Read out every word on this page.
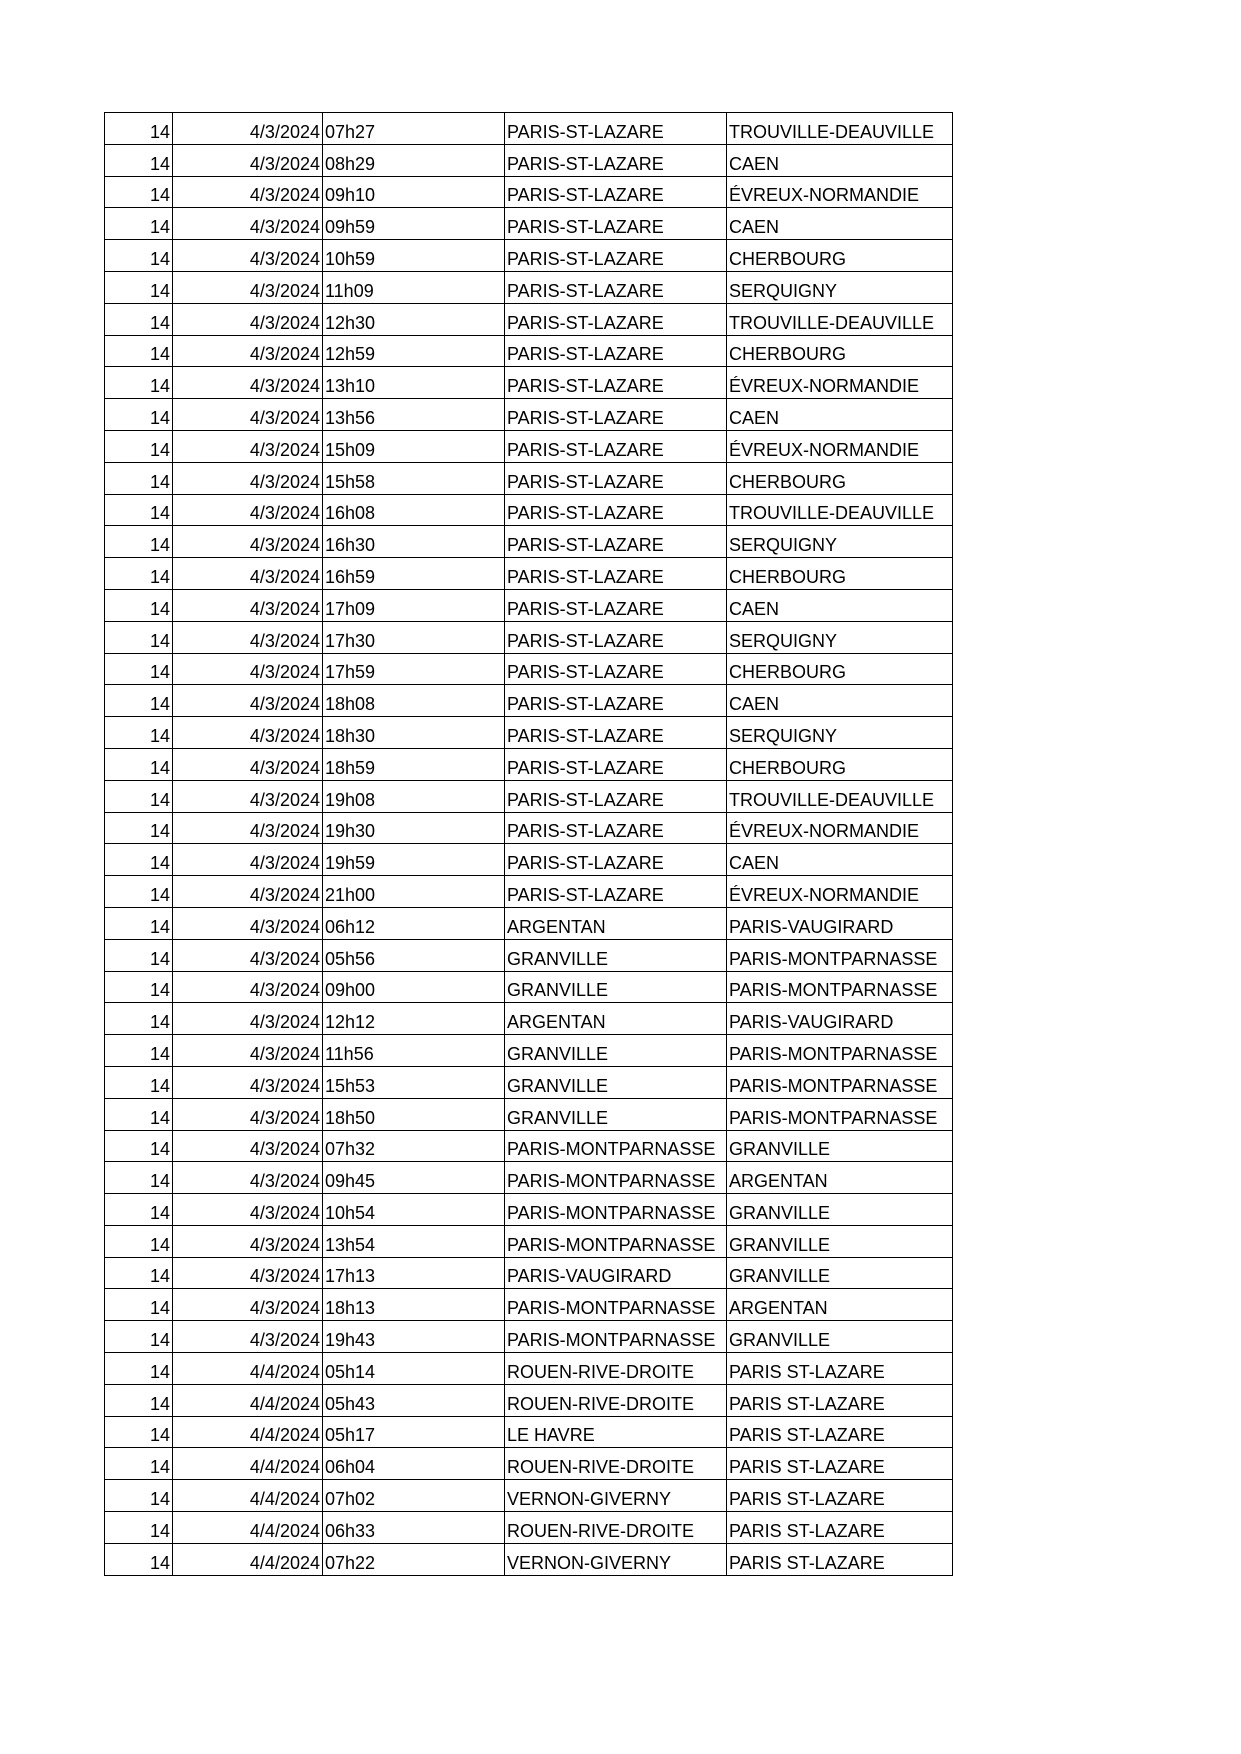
14	4/3/2024	07h27	PARIS-ST-LAZARE	TROUVILLE-DEAUVILLE
14	4/3/2024	08h29	PARIS-ST-LAZARE	CAEN
14	4/3/2024	09h10	PARIS-ST-LAZARE	ÉVREUX-NORMANDIE
14	4/3/2024	09h59	PARIS-ST-LAZARE	CAEN
14	4/3/2024	10h59	PARIS-ST-LAZARE	CHERBOURG
14	4/3/2024	11h09	PARIS-ST-LAZARE	SERQUIGNY
14	4/3/2024	12h30	PARIS-ST-LAZARE	TROUVILLE-DEAUVILLE
14	4/3/2024	12h59	PARIS-ST-LAZARE	CHERBOURG
14	4/3/2024	13h10	PARIS-ST-LAZARE	ÉVREUX-NORMANDIE
14	4/3/2024	13h56	PARIS-ST-LAZARE	CAEN
14	4/3/2024	15h09	PARIS-ST-LAZARE	ÉVREUX-NORMANDIE
14	4/3/2024	15h58	PARIS-ST-LAZARE	CHERBOURG
14	4/3/2024	16h08	PARIS-ST-LAZARE	TROUVILLE-DEAUVILLE
14	4/3/2024	16h30	PARIS-ST-LAZARE	SERQUIGNY
14	4/3/2024	16h59	PARIS-ST-LAZARE	CHERBOURG
14	4/3/2024	17h09	PARIS-ST-LAZARE	CAEN
14	4/3/2024	17h30	PARIS-ST-LAZARE	SERQUIGNY
14	4/3/2024	17h59	PARIS-ST-LAZARE	CHERBOURG
14	4/3/2024	18h08	PARIS-ST-LAZARE	CAEN
14	4/3/2024	18h30	PARIS-ST-LAZARE	SERQUIGNY
14	4/3/2024	18h59	PARIS-ST-LAZARE	CHERBOURG
14	4/3/2024	19h08	PARIS-ST-LAZARE	TROUVILLE-DEAUVILLE
14	4/3/2024	19h30	PARIS-ST-LAZARE	ÉVREUX-NORMANDIE
14	4/3/2024	19h59	PARIS-ST-LAZARE	CAEN
14	4/3/2024	21h00	PARIS-ST-LAZARE	ÉVREUX-NORMANDIE
14	4/3/2024	06h12	ARGENTAN	PARIS-VAUGIRARD
14	4/3/2024	05h56	GRANVILLE	PARIS-MONTPARNASSE
14	4/3/2024	09h00	GRANVILLE	PARIS-MONTPARNASSE
14	4/3/2024	12h12	ARGENTAN	PARIS-VAUGIRARD
14	4/3/2024	11h56	GRANVILLE	PARIS-MONTPARNASSE
14	4/3/2024	15h53	GRANVILLE	PARIS-MONTPARNASSE
14	4/3/2024	18h50	GRANVILLE	PARIS-MONTPARNASSE
14	4/3/2024	07h32	PARIS-MONTPARNASSE	GRANVILLE
14	4/3/2024	09h45	PARIS-MONTPARNASSE	ARGENTAN
14	4/3/2024	10h54	PARIS-MONTPARNASSE	GRANVILLE
14	4/3/2024	13h54	PARIS-MONTPARNASSE	GRANVILLE
14	4/3/2024	17h13	PARIS-VAUGIRARD	GRANVILLE
14	4/3/2024	18h13	PARIS-MONTPARNASSE	ARGENTAN
14	4/3/2024	19h43	PARIS-MONTPARNASSE	GRANVILLE
14	4/4/2024	05h14	ROUEN-RIVE-DROITE	PARIS ST-LAZARE
14	4/4/2024	05h43	ROUEN-RIVE-DROITE	PARIS ST-LAZARE
14	4/4/2024	05h17	LE HAVRE	PARIS ST-LAZARE
14	4/4/2024	06h04	ROUEN-RIVE-DROITE	PARIS ST-LAZARE
14	4/4/2024	07h02	VERNON-GIVERNY	PARIS ST-LAZARE
14	4/4/2024	06h33	ROUEN-RIVE-DROITE	PARIS ST-LAZARE
14	4/4/2024	07h22	VERNON-GIVERNY	PARIS ST-LAZARE
